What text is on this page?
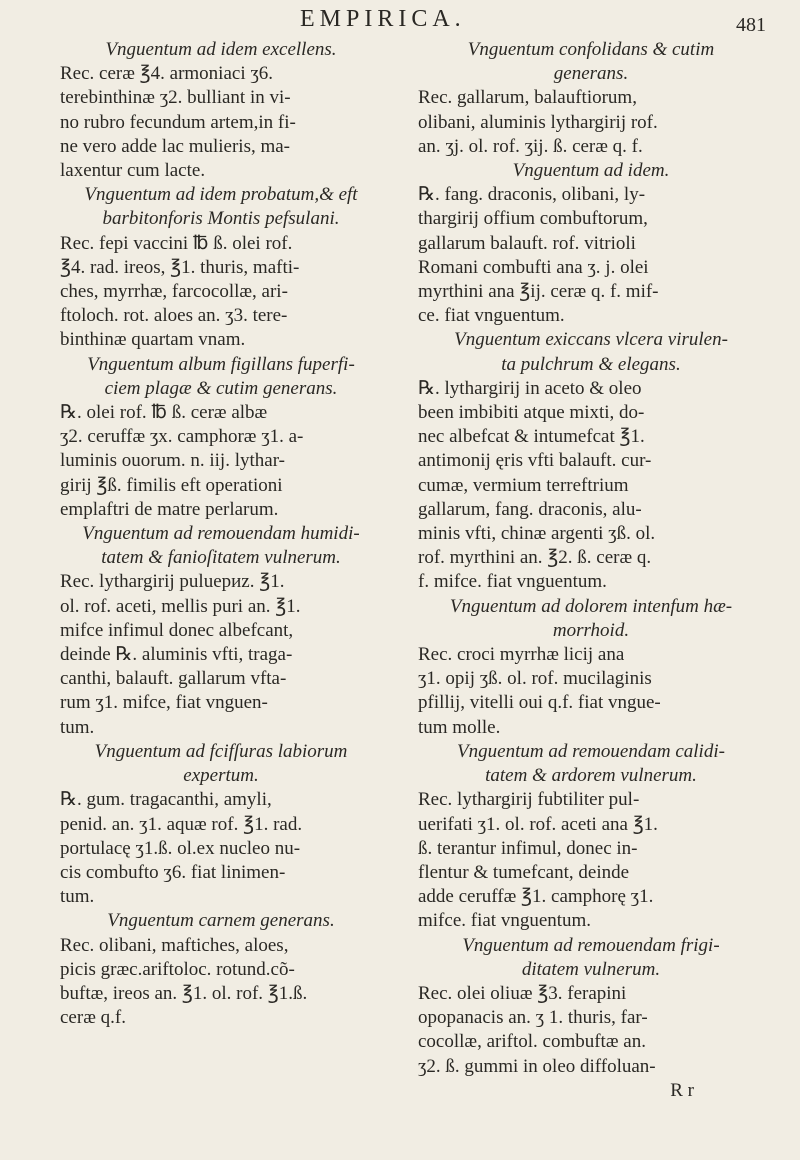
EMPIRICA.	481

Vnguentum ad idem excellens.

Rec. ceræ ℥4. armoniaci ʒ6.

terebinthinæ ʒ2. bulliant in vi-

no rubro fecundum artem,in fi-

ne vero adde lac mulieris, ma-

laxentur cum lacte.

Vnguentum ad idem probatum,& eft

barbitonforis Montis pefsulani.

Rec. fepi vaccini ℔ ß. olei rof.

℥4. rad. ireos, ℥1. thuris, mafti-

ches, myrrhæ, farcocollæ, ari-

ftoloch. rot. aloes an. ʒ3. tere-

binthinæ quartam vnam.

Vnguentum album figillans fuperfi-

ciem plagæ & cutim generans.

℞. olei rof. ℔ ß. ceræ albæ

ʒ2. ceruffæ ʒx. camphoræ ʒ1. a-

luminis ouorum. n. iij. lythar-

girij ℥ß. fimilis eft operationi

emplaftri de matre perlarum.

Vnguentum ad remouendam humidi-

tatem & fanioſitatem vulnerum.

Rec. lythargirij puluериz. ℥1.

ol. rof. aceti, mellis puri an. ℥1.

mifce infimul donec albefcant,

deinde ℞. aluminis vfti, traga-

canthi, balauft. gallarum vfta-

rum ʒ1. mifce, fiat vnguen-

tum.

Vnguentum ad fcifſuras labiorum

expertum.

℞. gum. tragacanthi, amyli,

penid. an. ʒ1. aquæ rof. ℥1. rad.

portulacę ʒ1.ß. ol.ex nucleo nu-

cis combufto ʒ6. fiat linimen-

tum.

Vnguentum carnem generans.

Rec. olibani, maftiches, aloes,

picis græc.ariftoloc. rotund.cõ-

buftæ, ireos an. ℥1. ol. rof. ℥1.ß.

ceræ q.f.

Vnguentum confolidans & cutim

generans.

Rec. gallarum, balauftiorum,

olibani, aluminis lythargirij rof.

an. ʒj. ol. rof. ʒij. ß. ceræ q. f.

Vnguentum ad idem.

℞. fang. draconis, olibani, ly-

thargirij offium combuftorum,

gallarum balauft. rof. vitrioli

Romani combufti ana ʒ. j. olei

myrthini ana ℥ij. ceræ q. f. mif-

ce. fiat vnguentum.

Vnguentum exiccans vlcera virulen-

ta pulchrum & elegans.

℞. lythargirij in aceto & oleo

been imbibiti atque mixti, do-

nec albefcat & intumefcat ℥1.

antimonij ęris vfti balauft. cur-

cumæ, vermium terreftrium

gallarum, fang. draconis, alu-

minis vfti, chinæ argenti ʒß. ol.

rof. myrthini an. ℥2. ß. ceræ q.

f. mifce. fiat vnguentum.

Vnguentum ad dolorem intenfum hæ-

morrhoid.

Rec. croci myrrhæ licij ana

ʒ1. opij ʒß. ol. rof. mucilaginis

pfillij, vitelli oui q.f. fiat vngue-

tum molle.

Vnguentum ad remouendam calidi-

tatem & ardorem vulnerum.

Rec. lythargirij fubtiliter pul-

uerifati ʒ1. ol. rof. aceti ana ℥1.

ß. terantur infimul, donec in-

flentur & tumefcant, deinde

adde ceruffæ ℥1. camphorę ʒ1.

mifce. fiat vnguentum.

Vnguentum ad remouendam frigi-

ditatem vulnerum.

Rec. olei oliuæ ℥3. ferapini

opopanacis an. ʒ 1. thuris, far-

cocollæ, ariftol. combuftæ an.

ʒ2. ß. gummi in oleo diffoluan-

R r
